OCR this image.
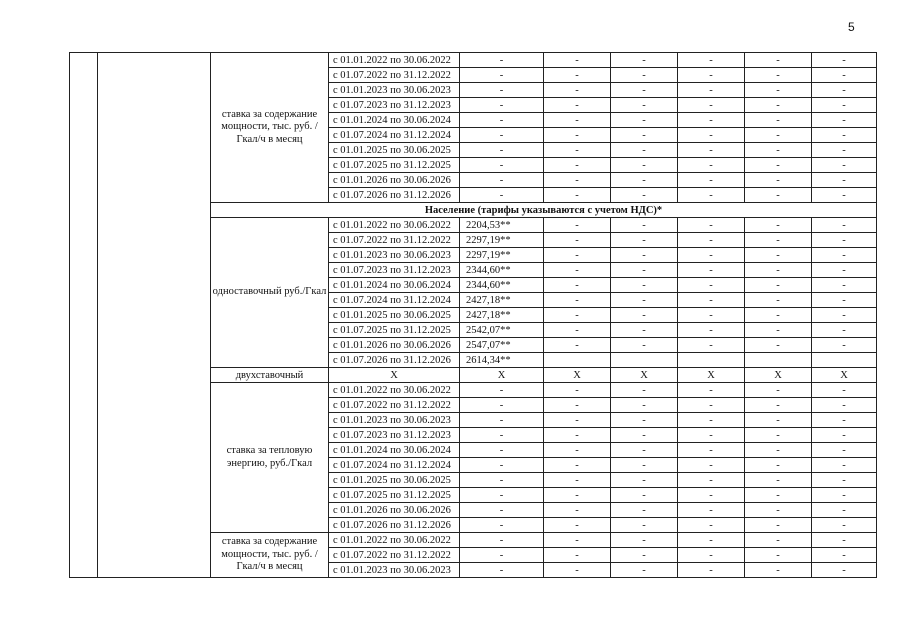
5
		ставка за содержание мощности, тыс. руб. /Гкал/ч в месяц	с 01.01.2022 по 30.06.2022	-	-	-	-	-	-	
			с 01.07.2022 по 31.12.2022	-	-	-	-	-	-	
			с 01.01.2023 по 30.06.2023	-	-	-	-	-	-	
			с 01.07.2023 по 31.12.2023	-	-	-	-	-	-	
			с 01.01.2024 по 30.06.2024	-	-	-	-	-	-	
			с 01.07.2024 по 31.12.2024	-	-	-	-	-	-	
			с 01.01.2025 по 30.06.2025	-	-	-	-	-	-	
			с 01.07.2025 по 31.12.2025	-	-	-	-	-	-	
			с 01.01.2026 по 30.06.2026	-	-	-	-	-	-	
			с 01.07.2026 по 31.12.2026	-	-	-	-	-	-	
		Население (тарифы указываются с учетом НДС)*								
		одноставочный руб./Гкал	с 01.01.2022 по 30.06.2022	2204,53**	-	-	-	-	-	
			с 01.07.2022 по 31.12.2022	2297,19**	-	-	-	-	-	
			с 01.01.2023 по 30.06.2023	2297,19**	-	-	-	-	-	
			с 01.07.2023 по 31.12.2023	2344,60**	-	-	-	-	-	
			с 01.01.2024 по 30.06.2024	2344,60**	-	-	-	-	-	
			с 01.07.2024 по 31.12.2024	2427,18**	-	-	-	-	-	
			с 01.01.2025 по 30.06.2025	2427,18**	-	-	-	-	-	
			с 01.07.2025 по 31.12.2025	2542,07**	-	-	-	-	-	
			с 01.01.2026 по 30.06.2026	2547,07**	-	-	-	-	-	
			с 01.07.2026 по 31.12.2026	2614,34**						
		двухставочный	X	X	X	X	X	X	X	
		ставка за тепловую энергию, руб./Гкал	с 01.01.2022 по 30.06.2022	-	-	-	-	-	-	
			с 01.07.2022 по 31.12.2022	-	-	-	-	-	-	
			с 01.01.2023 по 30.06.2023	-	-	-	-	-	-	
			с 01.07.2023 по 31.12.2023	-	-	-	-	-	-	
			с 01.01.2024 по 30.06.2024	-	-	-	-	-	-	
			с 01.07.2024 по 31.12.2024	-	-	-	-	-	-	
			с 01.01.2025 по 30.06.2025	-	-	-	-	-	-	
			с 01.07.2025 по 31.12.2025	-	-	-	-	-	-	
			с 01.01.2026 по 30.06.2026	-	-	-	-	-	-	
			с 01.07.2026 по 31.12.2026	-	-	-	-	-	-	
		ставка за содержание мощности, тыс. руб. /Гкал/ч в месяц	с 01.01.2022 по 30.06.2022	-	-	-	-	-	-	
			с 01.07.2022 по 31.12.2022	-	-	-	-	-	-	
			с 01.01.2023 по 30.06.2023	-	-	-	-	-	-	
